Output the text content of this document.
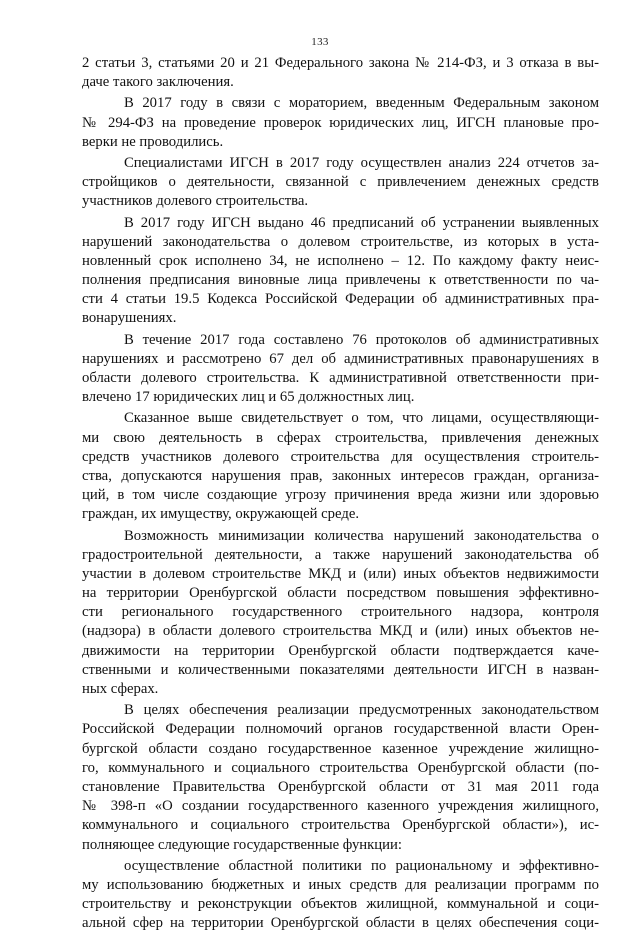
133
2 статьи 3, статьями 20 и 21 Федерального закона № 214-ФЗ, и 3 отказа в вы-
даче такого заключения.
В 2017 году в связи с мораторием, введенным Федеральным законом
№ 294-ФЗ на проведение проверок юридических лиц, ИГСН плановые про-
верки не проводились.
Специалистами ИГСН в 2017 году осуществлен анализ 224 отчетов за-
стройщиков о деятельности, связанной с привлечением денежных средств
участников долевого строительства.
В 2017 году ИГСН выдано 46 предписаний об устранении выявленных
нарушений законодательства о долевом строительстве, из которых в уста-
новленный срок исполнено 34, не исполнено – 12. По каждому факту неис-
полнения предписания виновные лица привлечены к ответственности по ча-
сти 4 статьи 19.5 Кодекса Российской Федерации об административных пра-
вонарушениях.
В течение 2017 года составлено 76 протоколов об административных
нарушениях и рассмотрено 67 дел об административных правонарушениях в
области долевого строительства. К административной ответственности при-
влечено 17 юридических лиц и 65 должностных лиц.
Сказанное выше свидетельствует о том, что лицами, осуществляющи-
ми свою деятельность в сферах строительства, привлечения денежных
средств участников долевого строительства для осуществления строитель-
ства, допускаются нарушения прав, законных интересов граждан, организа-
ций, в том числе создающие угрозу причинения вреда жизни или здоровью
граждан, их имуществу, окружающей среде.
Возможность минимизации количества нарушений законодательства о
градостроительной деятельности, а также нарушений законодательства об
участии в долевом строительстве МКД и (или) иных объектов недвижимости
на территории Оренбургской области посредством повышения эффективно-
сти регионального государственного строительного надзора, контроля
(надзора) в области долевого строительства МКД и (или) иных объектов не-
движимости на территории Оренбургской области подтверждается каче-
ственными и количественными показателями деятельности ИГСН в назван-
ных сферах.
В целях обеспечения реализации предусмотренных законодательством
Российской Федерации полномочий органов государственной власти Орен-
бургской области создано государственное казенное учреждение жилищно-
го, коммунального и социального строительства Оренбургской области (по-
становление Правительства Оренбургской области от 31 мая 2011 года
№ 398-п «О создании государственного казенного учреждения жилищного,
коммунального и социального строительства Оренбургской области»), ис-
полняющее следующие государственные функции:
осуществление областной политики по рациональному и эффективно-
му использованию бюджетных и иных средств для реализации программ по
строительству и реконструкции объектов жилищной, коммунальной и соци-
альной сфер на территории Оренбургской области в целях обеспечения соци-
